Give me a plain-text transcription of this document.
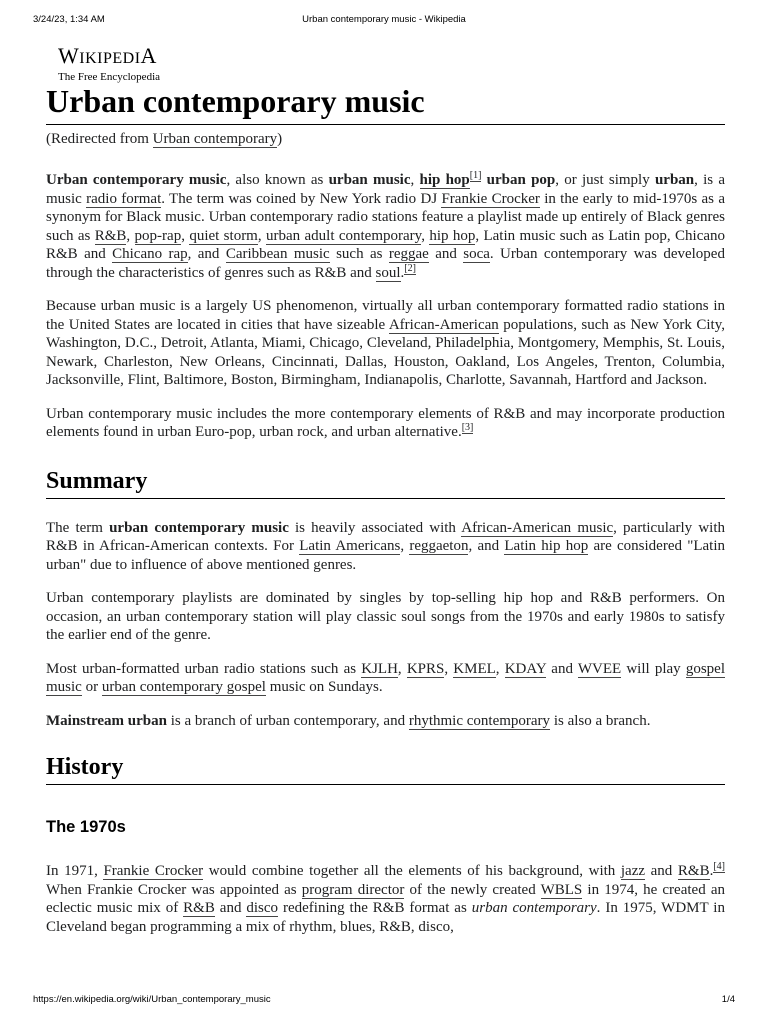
3/24/23, 1:34 AM	Urban contemporary music - Wikipedia
WIKIPEDIA
The Free Encyclopedia
Urban contemporary music
(Redirected from Urban contemporary)

Urban contemporary music, also known as urban music, hip hop[1] urban pop, or just simply urban, is a music radio format. The term was coined by New York radio DJ Frankie Crocker in the early to mid-1970s as a synonym for Black music. Urban contemporary radio stations feature a playlist made up entirely of Black genres such as R&B, pop-rap, quiet storm, urban adult contemporary, hip hop, Latin music such as Latin pop, Chicano R&B and Chicano rap, and Caribbean music such as reggae and soca. Urban contemporary was developed through the characteristics of genres such as R&B and soul.[2]

Because urban music is a largely US phenomenon, virtually all urban contemporary formatted radio stations in the United States are located in cities that have sizeable African-American populations, such as New York City, Washington, D.C., Detroit, Atlanta, Miami, Chicago, Cleveland, Philadelphia, Montgomery, Memphis, St. Louis, Newark, Charleston, New Orleans, Cincinnati, Dallas, Houston, Oakland, Los Angeles, Trenton, Columbia, Jacksonville, Flint, Baltimore, Boston, Birmingham, Indianapolis, Charlotte, Savannah, Hartford and Jackson.

Urban contemporary music includes the more contemporary elements of R&B and may incorporate production elements found in urban Euro-pop, urban rock, and urban alternative.[3]

Summary

The term urban contemporary music is heavily associated with African-American music, particularly with R&B in African-American contexts. For Latin Americans, reggaeton, and Latin hip hop are considered "Latin urban" due to influence of above mentioned genres.

Urban contemporary playlists are dominated by singles by top-selling hip hop and R&B performers. On occasion, an urban contemporary station will play classic soul songs from the 1970s and early 1980s to satisfy the earlier end of the genre.

Most urban-formatted urban radio stations such as KJLH, KPRS, KMEL, KDAY and WVEE will play gospel music or urban contemporary gospel music on Sundays.

Mainstream urban is a branch of urban contemporary, and rhythmic contemporary is also a branch.

History
The 1970s

In 1971, Frankie Crocker would combine together all the elements of his background, with jazz and R&B.[4] When Frankie Crocker was appointed as program director of the newly created WBLS in 1974, he created an eclectic music mix of R&B and disco redefining the R&B format as urban contemporary. In 1975, WDMT in Cleveland began programming a mix of rhythm, blues, R&B, disco,

https://en.wikipedia.org/wiki/Urban_contemporary_music	1/4
